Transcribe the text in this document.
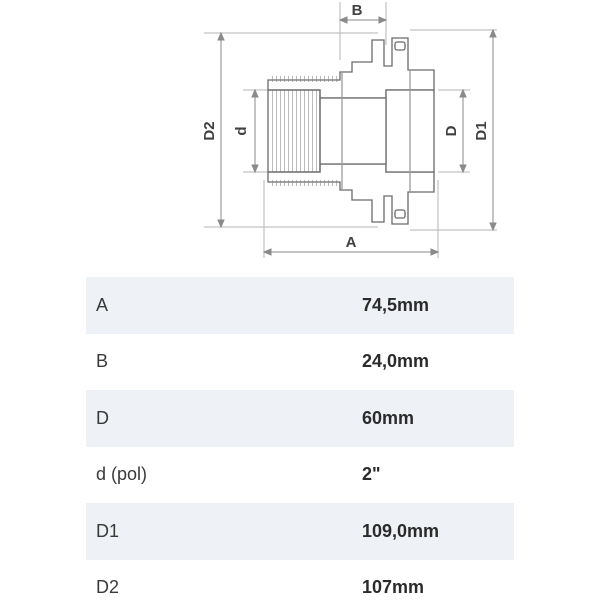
B
A
D2 d	D D1
A	74,5mm
B	24,0mm
D	60mm
d (pol)	2"
D1	109,0mm
D2	107mm
